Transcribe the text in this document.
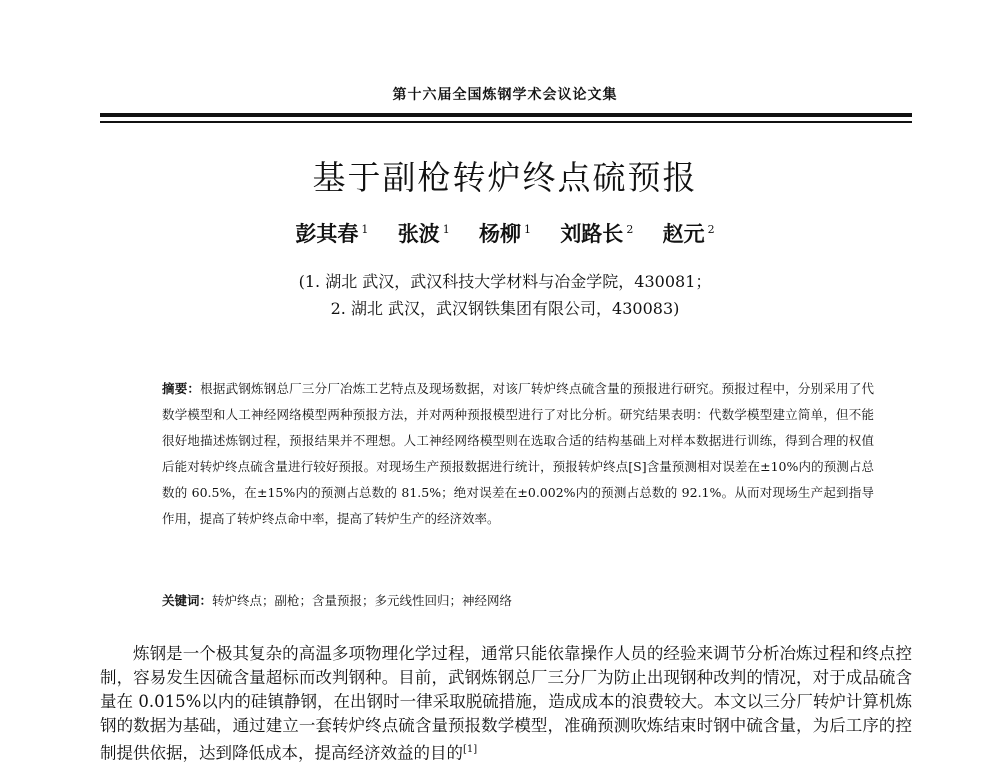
第十六届全国炼钢学术会议论文集
基于副枪转炉终点硫预报
彭其春 $^1$ 张波 $^1$ 杨柳 $^1$ 刘路长 $^2$ 赵元 $^2$
(1. 湖北 武汉，武汉科技大学材料与冶金学院，430081；
2. 湖北 武汉，武汉钢铁集团有限公司，430083)

摘要：根据武钢炼钢总厂三分厂冶炼工艺特点及现场数据，对该厂转炉终点硫含量的预报进行研究。预报过程中，分别采用了代数学模型和人工神经网络模型两种预报方法，并对两种预报模型进行了对比分析。研究结果表明：代数学模型建立简单，但不能很好地描述炼钢过程，预报结果并不理想。人工神经网络模型则在选取合适的结构基础上对样本数据进行训练，得到合理的权值后能对转炉终点硫含量进行较好预报。对现场生产预报数据进行统计，预报转炉终点[S]含量预测相对误差在±10%内的预测占总数的 60.5%，在±15%内的预测占总数的 81.5%；绝对误差在±0.002%内的预测占总数的 92.1%。从而对现场生产起到指导作用，提高了转炉终点命中率，提高了转炉生产的经济效率。

关键词：转炉终点；副枪；含量预报；多元线性回归；神经网络

炼钢是一个极其复杂的高温多项物理化学过程，通常只能依靠操作人员的经验来调节分析冶炼过程和终点控制，容易发生因硫含量超标而改判钢种。目前，武钢炼钢总厂三分厂为防止出现钢种改判的情况，对于成品硫含量在 0.015%以内的硅镇静钢，在出钢时一律采取脱硫措施，造成成本的浪费较大。本文以三分厂转炉计算机炼钢的数据为基础，通过建立一套转炉终点硫含量预报数学模型，准确预测吹炼结束时钢中硫含量，为后工序的控制提供依据，达到降低成本，提高经济效益的目的[1]
